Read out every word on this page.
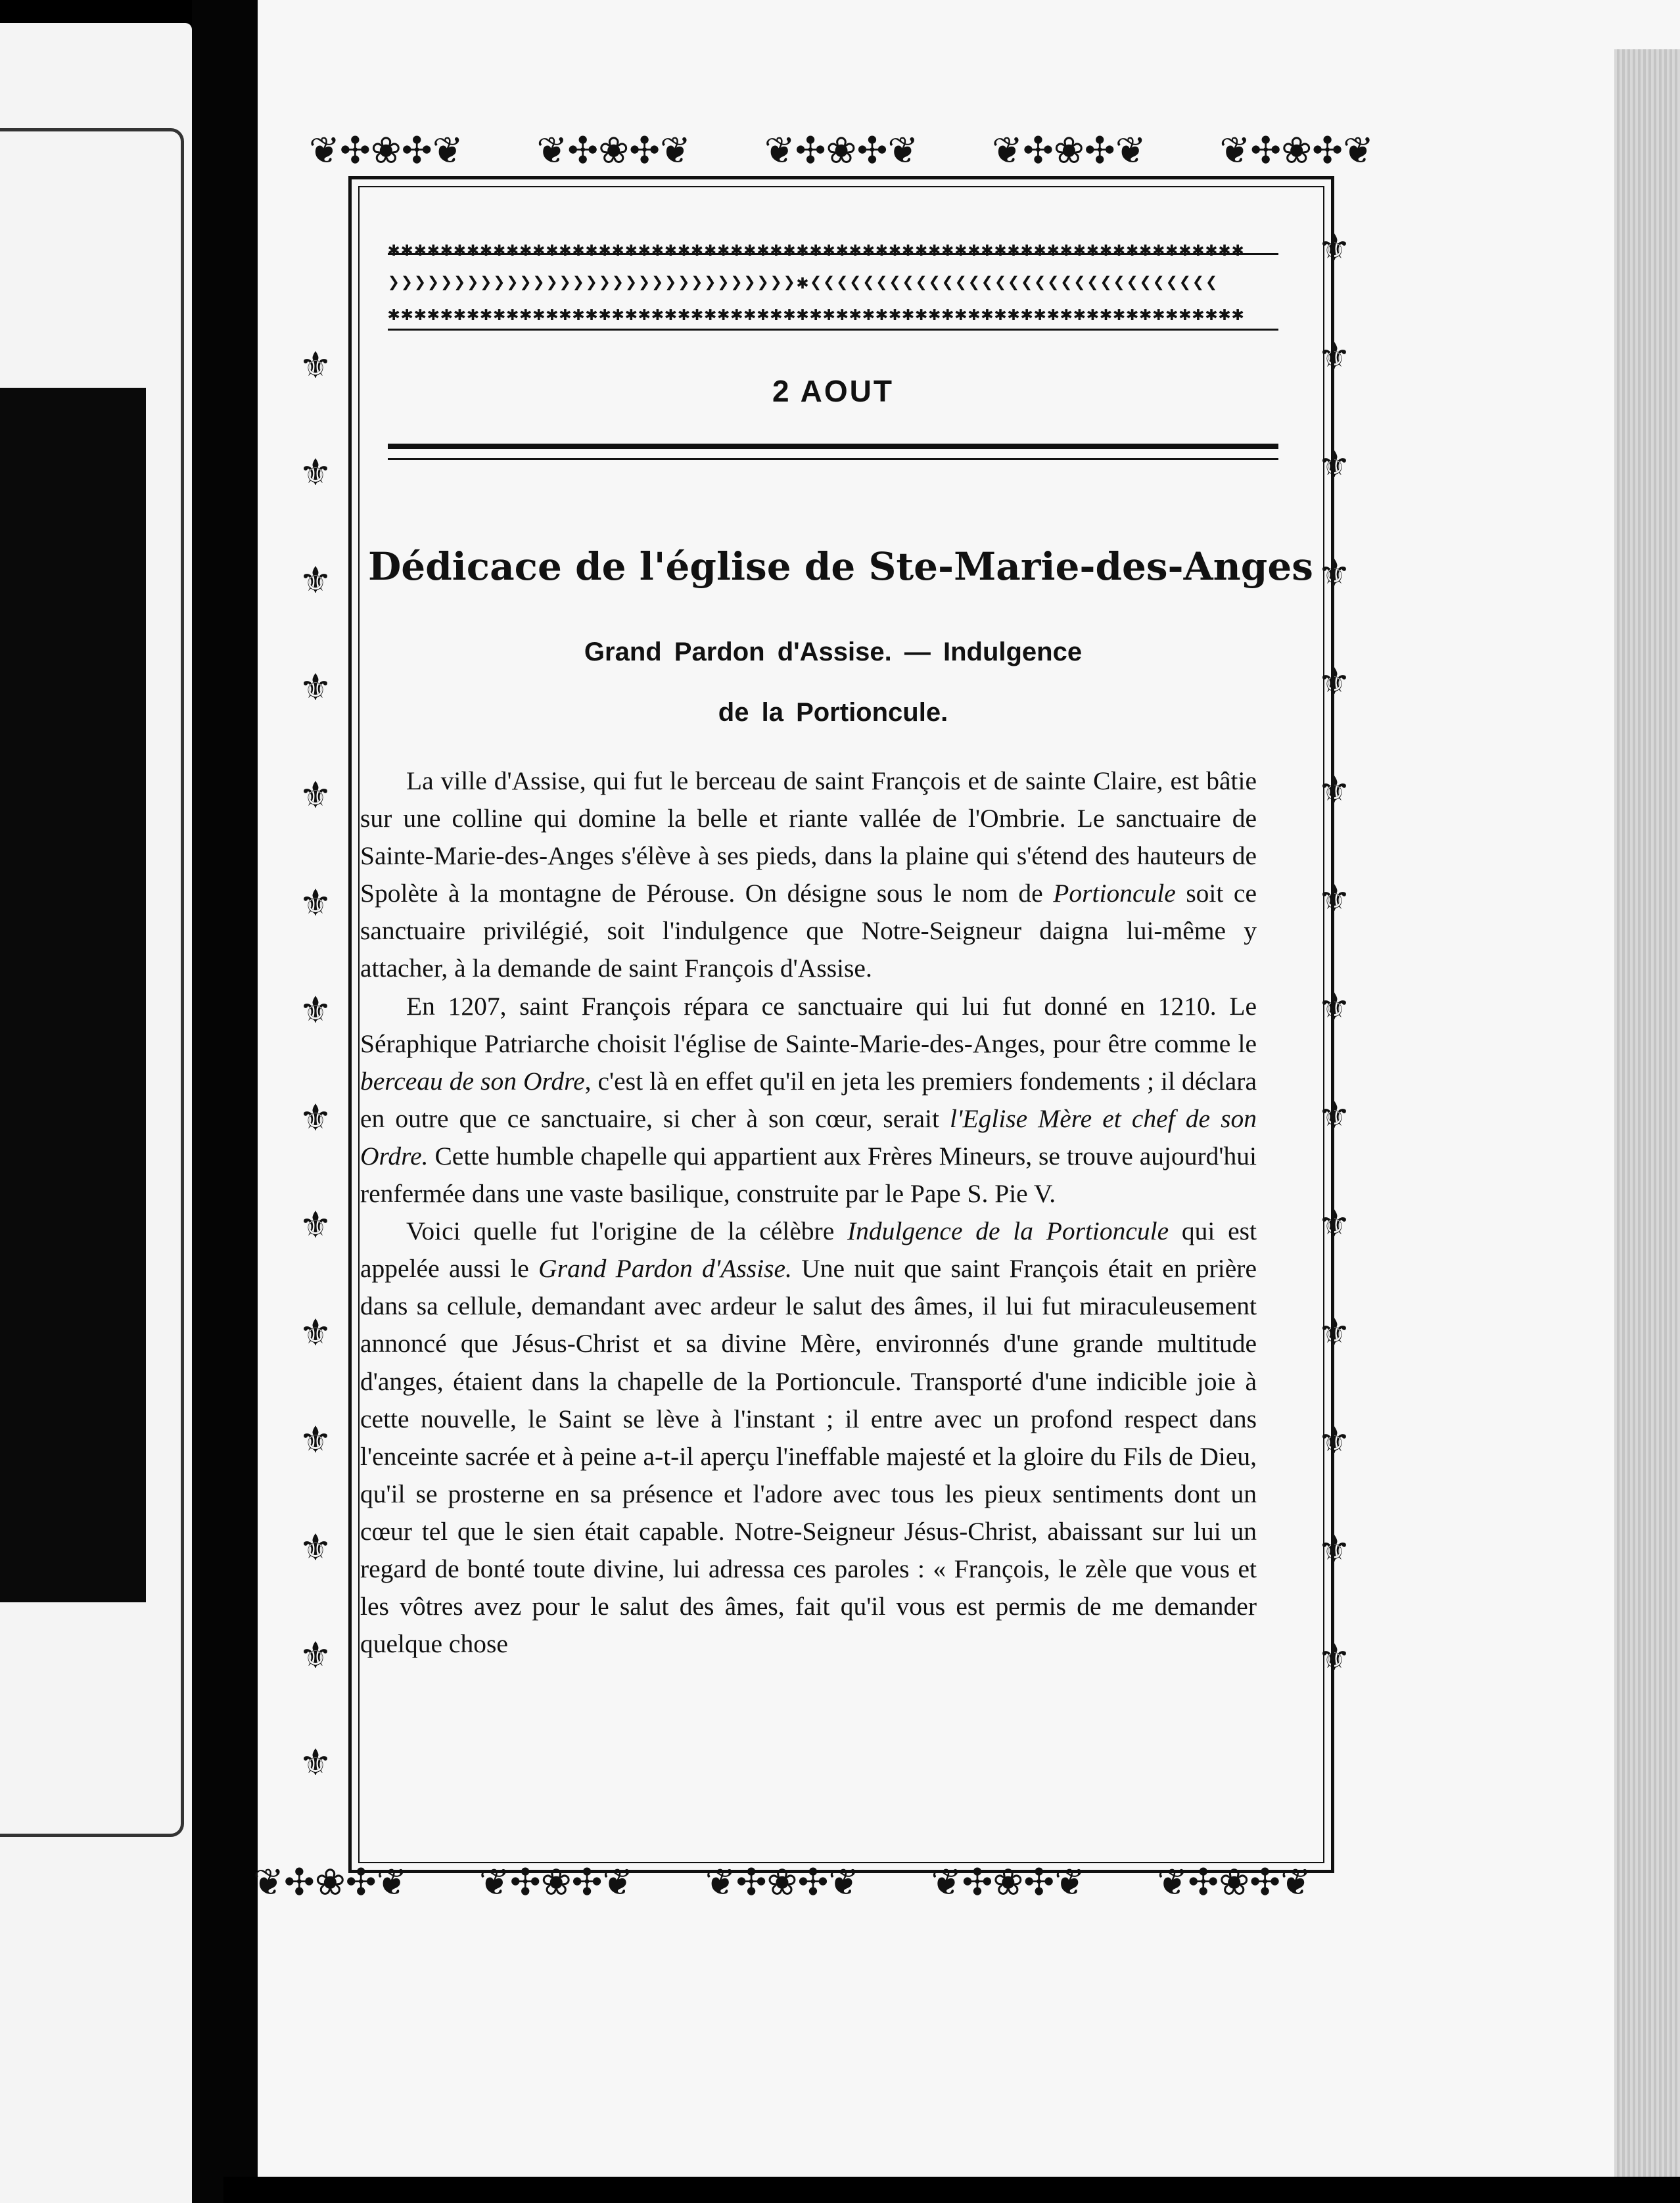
❦✣❀✣❦ ❦✣❀✣❦ ❦✣❀✣❦ ❦✣❀✣❦ ❦✣❀✣❦
❦✣❀✣❦ ❦✣❀✣❦ ❦✣❀✣❦ ❦✣❀✣❦ ❦✣❀✣❦
⚜
⚜
⚜
⚜
⚜
⚜
⚜
⚜
⚜
⚜
⚜
⚜
⚜
⚜
⚜
⚜
⚜
⚜
⚜
⚜
⚜
⚜
⚜
⚜
⚜
⚜
⚜
⚜
✱✱✱✱✱✱✱✱✱✱✱✱✱✱✱✱✱✱✱✱✱✱✱✱✱✱✱✱✱✱✱✱✱✱✱✱✱✱✱✱✱✱✱✱✱✱✱✱✱✱✱✱✱✱✱✱✱✱✱✱✱✱✱✱✱
❯❯❯❯❯❯❯❯❯❯❯❯❯❯❯❯❯❯❯❯❯❯❯❯❯❯❯❯❯❯❯✱❮❮❮❮❮❮❮❮❮❮❮❮❮❮❮❮❮❮❮❮❮❮❮❮❮❮❮❮❮❮❮
✱✱✱✱✱✱✱✱✱✱✱✱✱✱✱✱✱✱✱✱✱✱✱✱✱✱✱✱✱✱✱✱✱✱✱✱✱✱✱✱✱✱✱✱✱✱✱✱✱✱✱✱✱✱✱✱✱✱✱✱✱✱✱✱✱
2 AOUT
Dédicace de l'église de Ste-Marie-des-Anges
Grand Pardon d'Assise. — Indulgence
de la Portioncule.

La ville d'Assise, qui fut le berceau de saint François et de sainte Claire, est bâtie sur une colline qui domine la belle et riante vallée de l'Ombrie. Le sanctuaire de Sainte-Marie-des-Anges s'élève à ses pieds, dans la plaine qui s'étend des hauteurs de Spolète à la montagne de Pérouse. On désigne sous le nom de Portioncule soit ce sanctuaire privilégié, soit l'indulgence que Notre-Seigneur daigna lui-même y attacher, à la demande de saint François d'Assise.

En 1207, saint François répara ce sanctuaire qui lui fut donné en 1210. Le Séraphique Patriarche choisit l'église de Sainte-Marie-des-Anges, pour être comme le berceau de son Ordre, c'est là en effet qu'il en jeta les premiers fondements ; il déclara en outre que ce sanctuaire, si cher à son cœur, serait l'Eglise Mère et chef de son Ordre. Cette humble chapelle qui appartient aux Frères Mineurs, se trouve aujourd'hui renfermée dans une vaste basilique, construite par le Pape S. Pie V.

Voici quelle fut l'origine de la célèbre Indulgence de la Portioncule qui est appelée aussi le Grand Pardon d'Assise. Une nuit que saint François était en prière dans sa cellule, demandant avec ardeur le salut des âmes, il lui fut miraculeusement annoncé que Jésus-Christ et sa divine Mère, environnés d'une grande multitude d'anges, étaient dans la chapelle de la Portioncule. Transporté d'une indicible joie à cette nouvelle, le Saint se lève à l'instant ; il entre avec un profond respect dans l'enceinte sacrée et à peine a-t-il aperçu l'ineffable majesté et la gloire du Fils de Dieu, qu'il se prosterne en sa présence et l'adore avec tous les pieux sentiments dont un cœur tel que le sien était capable. Notre-Seigneur Jésus-Christ, abaissant sur lui un regard de bonté toute divine, lui adressa ces paroles : « François, le zèle que vous et les vôtres avez pour le salut des âmes, fait qu'il vous est permis de me demander quelque chose
